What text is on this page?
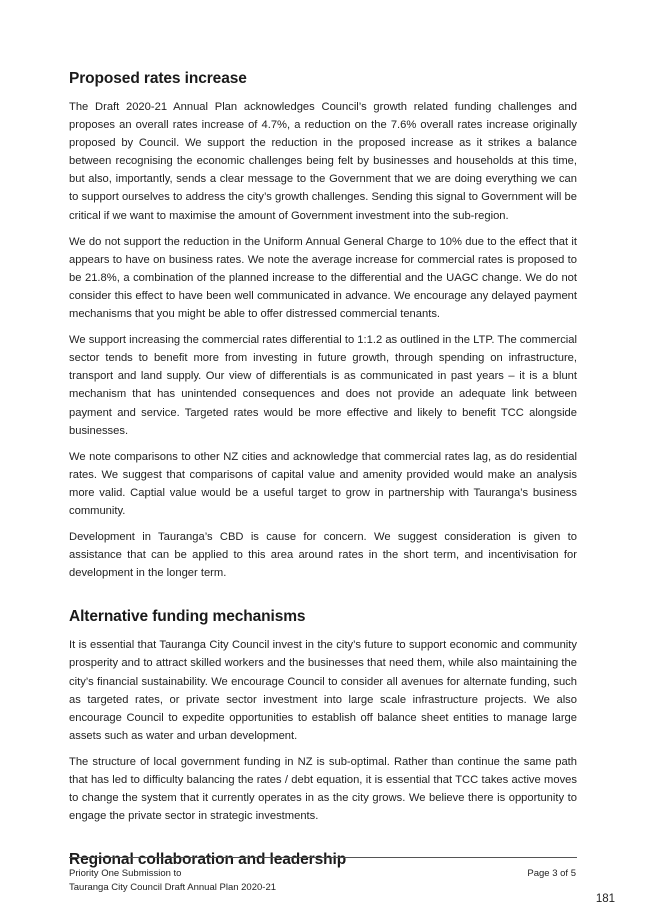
Proposed rates increase

The Draft 2020-21 Annual Plan acknowledges Council’s growth related funding challenges and proposes an overall rates increase of 4.7%, a reduction on the 7.6% overall rates increase originally proposed by Council. We support the reduction in the proposed increase as it strikes a balance between recognising the economic challenges being felt by businesses and households at this time, but also, importantly, sends a clear message to the Government that we are doing everything we can to support ourselves to address the city’s growth challenges. Sending this signal to Government will be critical if we want to maximise the amount of Government investment into the sub-region.

We do not support the reduction in the Uniform Annual General Charge to 10% due to the effect that it appears to have on business rates. We note the average increase for commercial rates is proposed to be 21.8%, a combination of the planned increase to the differential and the UAGC change. We do not consider this effect to have been well communicated in advance. We encourage any delayed payment mechanisms that you might be able to offer distressed commercial tenants.

We support increasing the commercial rates differential to 1:1.2 as outlined in the LTP. The commercial sector tends to benefit more from investing in future growth, through spending on infrastructure, transport and land supply. Our view of differentials is as communicated in past years – it is a blunt mechanism that has unintended consequences and does not provide an adequate link between payment and service. Targeted rates would be more effective and likely to benefit TCC alongside businesses.

We note comparisons to other NZ cities and acknowledge that commercial rates lag, as do residential rates. We suggest that comparisons of capital value and amenity provided would make an analysis more valid. Captial value would be a useful target to grow in partnership with Tauranga’s business community.

Development in Tauranga’s CBD is cause for concern. We suggest consideration is given to assistance that can be applied to this area around rates in the short term, and incentivisation for development in the longer term.

Alternative funding mechanisms

It is essential that Tauranga City Council invest in the city’s future to support economic and community prosperity and to attract skilled workers and the businesses that need them, while also maintaining the city’s financial sustainability. We encourage Council to consider all avenues for alternate funding, such as targeted rates, or private sector investment into large scale infrastructure projects. We also encourage Council to expedite opportunities to establish off balance sheet entities to manage large assets such as water and urban development.

The structure of local government funding in NZ is sub-optimal. Rather than continue the same path that has led to difficulty balancing the rates / debt equation, it is essential that TCC takes active moves to change the system that it currently operates in as the city grows. We believe there is opportunity to engage the private sector in strategic investments.

Regional collaboration and leadership
Priority One Submission to
Tauranga City Council Draft Annual Plan 2020-21
Page 3 of 5
181
